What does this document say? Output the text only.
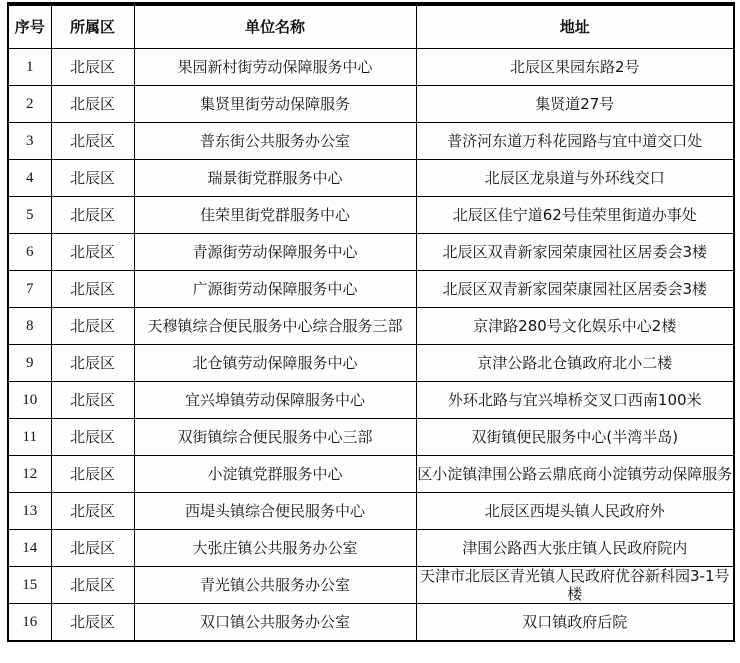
序号	所属区	单位名称	地址
1	北辰区	果园新村街劳动保障服务中心	北辰区果园东路2号
2	北辰区	集贤里街劳动保障服务	集贤道27号
3	北辰区	普东街公共服务办公室	普济河东道万科花园路与宜中道交口处
4	北辰区	瑞景街党群服务中心	北辰区龙泉道与外环线交口
5	北辰区	佳荣里街党群服务中心	北辰区佳宁道62号佳荣里街道办事处
6	北辰区	青源街劳动保障服务中心	北辰区双青新家园荣康园社区居委会3楼
7	北辰区	广源街劳动保障服务中心	北辰区双青新家园荣康园社区居委会3楼
8	北辰区	天穆镇综合便民服务中心综合服务三部	京津路280号文化娱乐中心2楼
9	北辰区	北仓镇劳动保障服务中心	京津公路北仓镇政府北小二楼
10	北辰区	宜兴埠镇劳动保障服务中心	外环北路与宜兴埠桥交叉口西南100米
11	北辰区	双街镇综合便民服务中心三部	双街镇便民服务中心(半湾半岛)
12	北辰区	小淀镇党群服务中心	区小淀镇津围公路云鼎底商小淀镇劳动保障服务
13	北辰区	西堤头镇综合便民服务中心	北辰区西堤头镇人民政府外
14	北辰区	大张庄镇公共服务办公室	津围公路西大张庄镇人民政府院内
15	北辰区	青光镇公共服务办公室	天津市北辰区青光镇人民政府优谷新科园3-1号楼
16	北辰区	双口镇公共服务办公室	双口镇政府后院
